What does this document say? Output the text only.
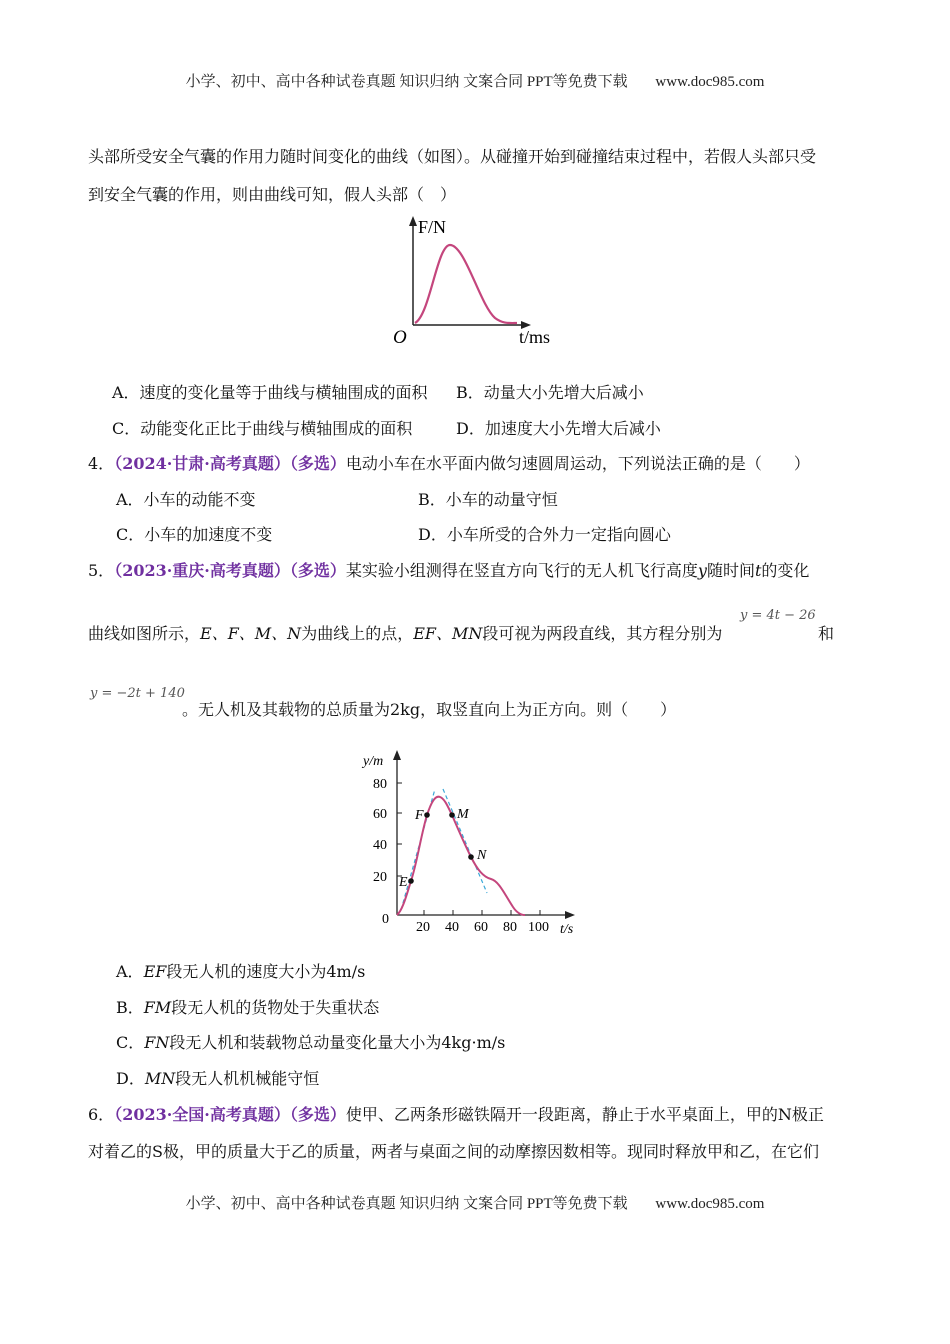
小学、初中、高中各种试卷真题 知识归纳 文案合同 PPT等免费下载 www.doc985.com
头部所受安全气囊的作用力随时间变化的曲线（如图）。从碰撞开始到碰撞结束过程中，若假人头部只受
到安全气囊的作用，则由曲线可知，假人头部（　）
F/N
O	t/ms
A．速度的变化量等于曲线与横轴围成的面积 B．动量大小先增大后减小
C．动能变化正比于曲线与横轴围成的面积	D．加速度大小先增大后减小
4．（2024·甘肃·高考真题）（多选）电动小车在水平面内做匀速圆周运动，下列说法正确的是（　　）
A．小车的动能不变	B．小车的动量守恒
C．小车的加速度不变	D．小车所受的合外力一定指向圆心
5．（2023·重庆·高考真题）（多选）某实验小组测得在竖直方向飞行的无人机飞行高度y随时间t的变化
y = 4t − 26
曲线如图所示，E、F、M、N为曲线上的点，EF、MN段可视为两段直线，其方程分别为	和
y = −2t + 140
。无人机及其载物的总质量为2kg，取竖直向上为正方向。则（　　）
80
60
40
20
0
20 40 60 80 100
y/m
t/s
E
F M
N
A．EF段无人机的速度大小为4m/s
B．FM段无人机的货物处于失重状态
C．FN段无人机和装载物总动量变化量大小为4kg·m/s
D．MN段无人机机械能守恒
6．（2023·全国·高考真题）（多选）使甲、乙两条形磁铁隔开一段距离，静止于水平桌面上，甲的N极正
对着乙的S极，甲的质量大于乙的质量，两者与桌面之间的动摩擦因数相等。现同时释放甲和乙，在它们
小学、初中、高中各种试卷真题 知识归纳 文案合同 PPT等免费下载 www.doc985.com
